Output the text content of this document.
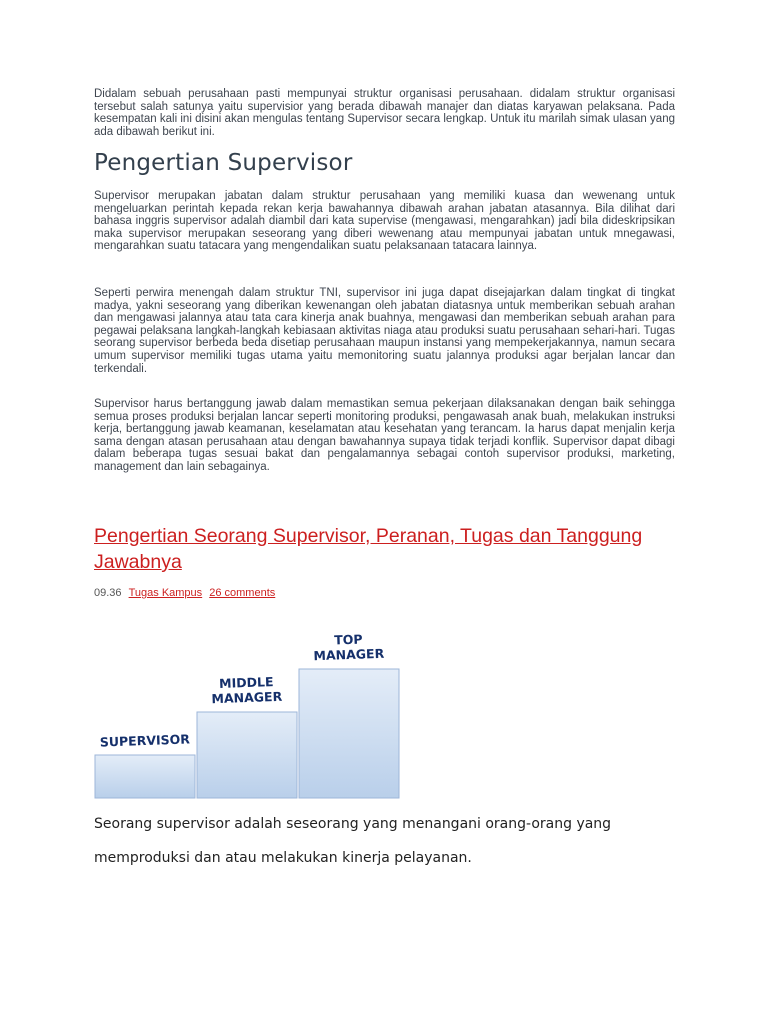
Didalam sebuah perusahaan pasti mempunyai struktur organisasi perusahaan. didalam struktur organisasi tersebut salah satunya yaitu supervisior yang berada dibawah manajer dan diatas karyawan pelaksana. Pada kesempatan kali ini disini akan mengulas tentang Supervisor secara lengkap. Untuk itu marilah simak ulasan yang ada dibawah berikut ini.

Pengertian Supervisor

Supervisor merupakan jabatan dalam struktur perusahaan yang memiliki kuasa dan wewenang untuk mengeluarkan perintah kepada rekan kerja bawahannya dibawah arahan jabatan atasannya. Bila dilihat dari bahasa inggris supervisor adalah diambil dari kata supervise (mengawasi, mengarahkan) jadi bila dideskripsikan maka supervisor merupakan seseorang yang diberi wewenang atau mempunyai jabatan untuk mnegawasi, mengarahkan suatu tatacara yang mengendalikan suatu pelaksanaan tatacara lainnya.

Seperti perwira menengah dalam struktur TNI, supervisor ini juga dapat disejajarkan dalam tingkat di tingkat madya, yakni seseorang yang diberikan kewenangan oleh jabatan diatasnya untuk memberikan sebuah arahan dan mengawasi jalannya atau tata cara kinerja anak buahnya, mengawasi dan memberikan sebuah arahan para pegawai pelaksana langkah-langkah kebiasaan aktivitas niaga atau produksi suatu perusahaan sehari-hari. Tugas seorang supervisor berbeda beda disetiap perusahaan maupun instansi yang mempekerjakannya, namun secara umum supervisor memiliki tugas utama yaitu memonitoring suatu jalannya produksi agar berjalan lancar dan terkendali.

Supervisor harus bertanggung jawab dalam memastikan semua pekerjaan dilaksanakan dengan baik sehingga semua proses produksi berjalan lancar seperti monitoring produksi, pengawasah anak buah, melakukan instruksi kerja, bertanggung jawab keamanan, keselamatan atau kesehatan yang terancam. Ia harus dapat menjalin kerja sama dengan atasan perusahaan atau dengan bawahannya supaya tidak terjadi konflik. Supervisor dapat dibagi dalam beberapa tugas sesuai bakat dan pengalamannya sebagai contoh supervisor produksi, marketing, management dan lain sebagainya.

Pengertian Seorang Supervisor, Peranan, Tugas dan Tanggung Jawabnya
09.36 Tugas Kampus 26 comments
SUPERVISOR
MIDDLE
MANAGER
TOP
MANAGER

Seorang supervisor adalah seseorang yang menangani orang-orang yang

memproduksi dan atau melakukan kinerja pelayanan.
